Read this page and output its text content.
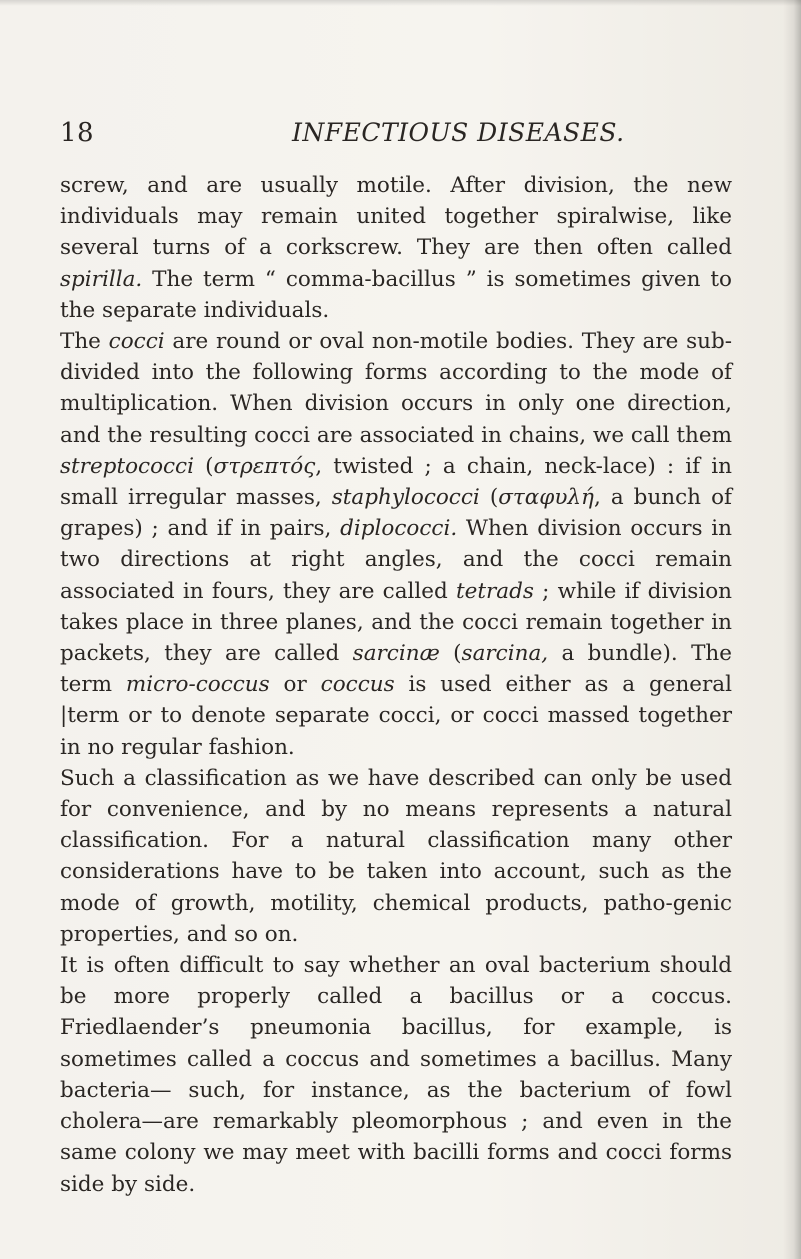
18	INFECTIOUS DISEASES.

screw, and are usually motile. After division, the new individuals may remain united together spiralwise, like several turns of a corkscrew. They are then often called spirilla. The term “ comma-bacillus ” is sometimes given to the separate individuals.

The cocci are round or oval non-motile bodies. They are sub-divided into the following forms according to the mode of multiplication. When division occurs in only one direction, and the resulting cocci are associated in chains, we call them streptococci (στρεπτός, twisted ; a chain, neck-lace) : if in small irregular masses, staphylococci (σταφυλή, a bunch of grapes) ; and if in pairs, diplococci. When division occurs in two directions at right angles, and the cocci remain associated in fours, they are called tetrads ; while if division takes place in three planes, and the cocci remain together in packets, they are called sarcinæ (sarcina, a bundle). The term micro-coccus or coccus is used either as a general |term or to denote separate cocci, or cocci massed together in no regular fashion.

Such a classification as we have described can only be used for convenience, and by no means represents a natural classification. For a natural classification many other considerations have to be taken into account, such as the mode of growth, motility, chemical products, patho-genic properties, and so on.

It is often difficult to say whether an oval bacterium should be more properly called a bacillus or a coccus. Friedlaender’s pneumonia bacillus, for example, is sometimes called a coccus and sometimes a bacillus. Many bacteria— such, for instance, as the bacterium of fowl cholera—are remarkably pleomorphous ; and even in the same colony we may meet with bacilli forms and cocci forms side by side.
